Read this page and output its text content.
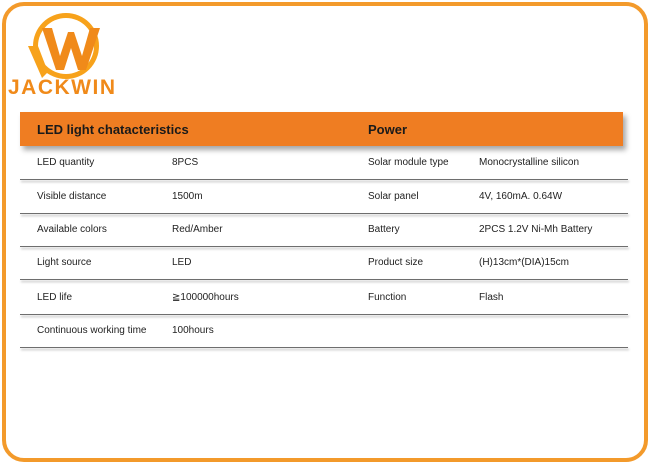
JACKWIN
LED light chatacteristics	Power
LED quantity	8PCS	Solar module type	Monocrystalline silicon
Visible distance	1500m	Solar panel	4V, 160mA. 0.64W
Available colors	Red/Amber	Battery	2PCS 1.2V Ni-Mh Battery
Light source	LED	Product size	(H)13cm*(DIA)15cm
LED life	≧100000hours	Function	Flash
Continuous working time	100hours
